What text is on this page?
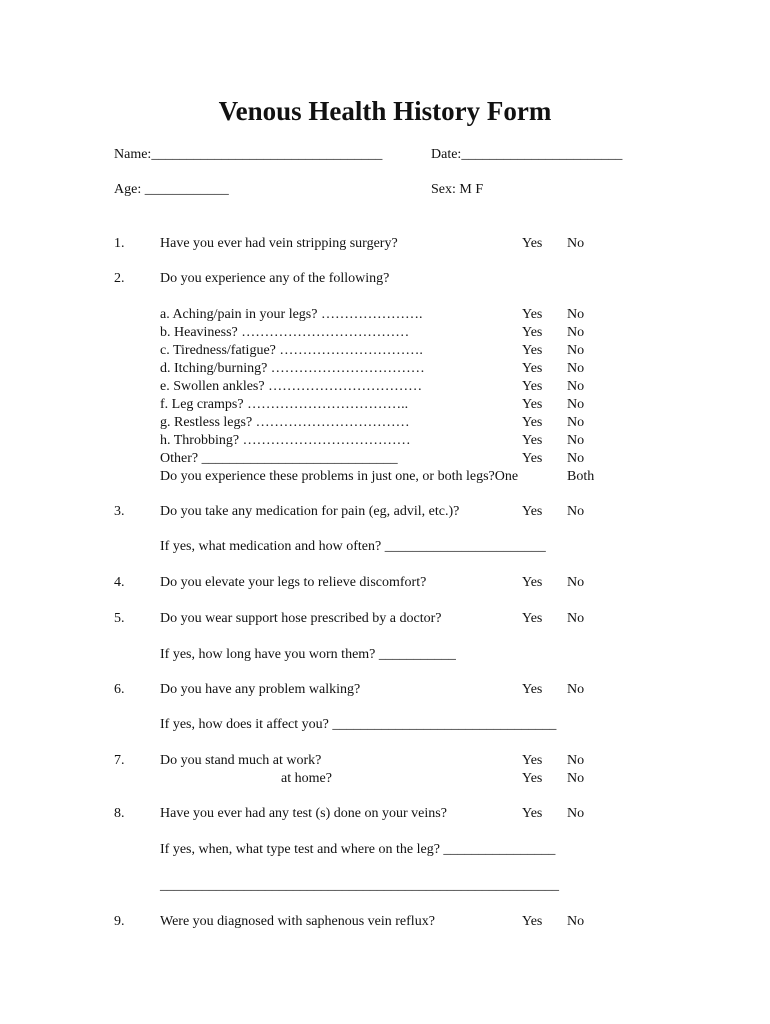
Venous Health History Form
Name:_________________________________	Date:_______________________
Age: ____________	Sex: M F
1.	Have you ever had vein stripping surgery?	Yes No
2.	Do you experience any of the following?
a. Aching/pain in your legs? ………………….	Yes No
b. Heaviness? ………………………………	Yes No
c. Tiredness/fatigue? ………………………….	Yes No
d. Itching/burning? ……………………………	Yes No
e. Swollen ankles? ……………………………	Yes No
f. Leg cramps? ……………………………..	Yes No
g. Restless legs? ……………………………	Yes No
h. Throbbing? ………………………………	Yes No
Other? ____________________________	Yes No
Do you experience these problems in just one, or both legs?One	Both
3.	Do you take any medication for pain (eg, advil, etc.)?	Yes No
If yes, what medication and how often? _______________________
4.	Do you elevate your legs to relieve discomfort?	Yes No
5.	Do you wear support hose prescribed by a doctor?	Yes No
If yes, how long have you worn them? ___________
6.	Do you have any problem walking?	Yes No
If yes, how does it affect you? ________________________________
7.	Do you stand much at work?	Yes No
at home?	Yes No
8.	Have you ever had any test (s) done on your veins?	Yes No
If yes, when, what type test and where on the leg? ________________
_________________________________________________________
9.	Were you diagnosed with saphenous vein reflux?	Yes No
